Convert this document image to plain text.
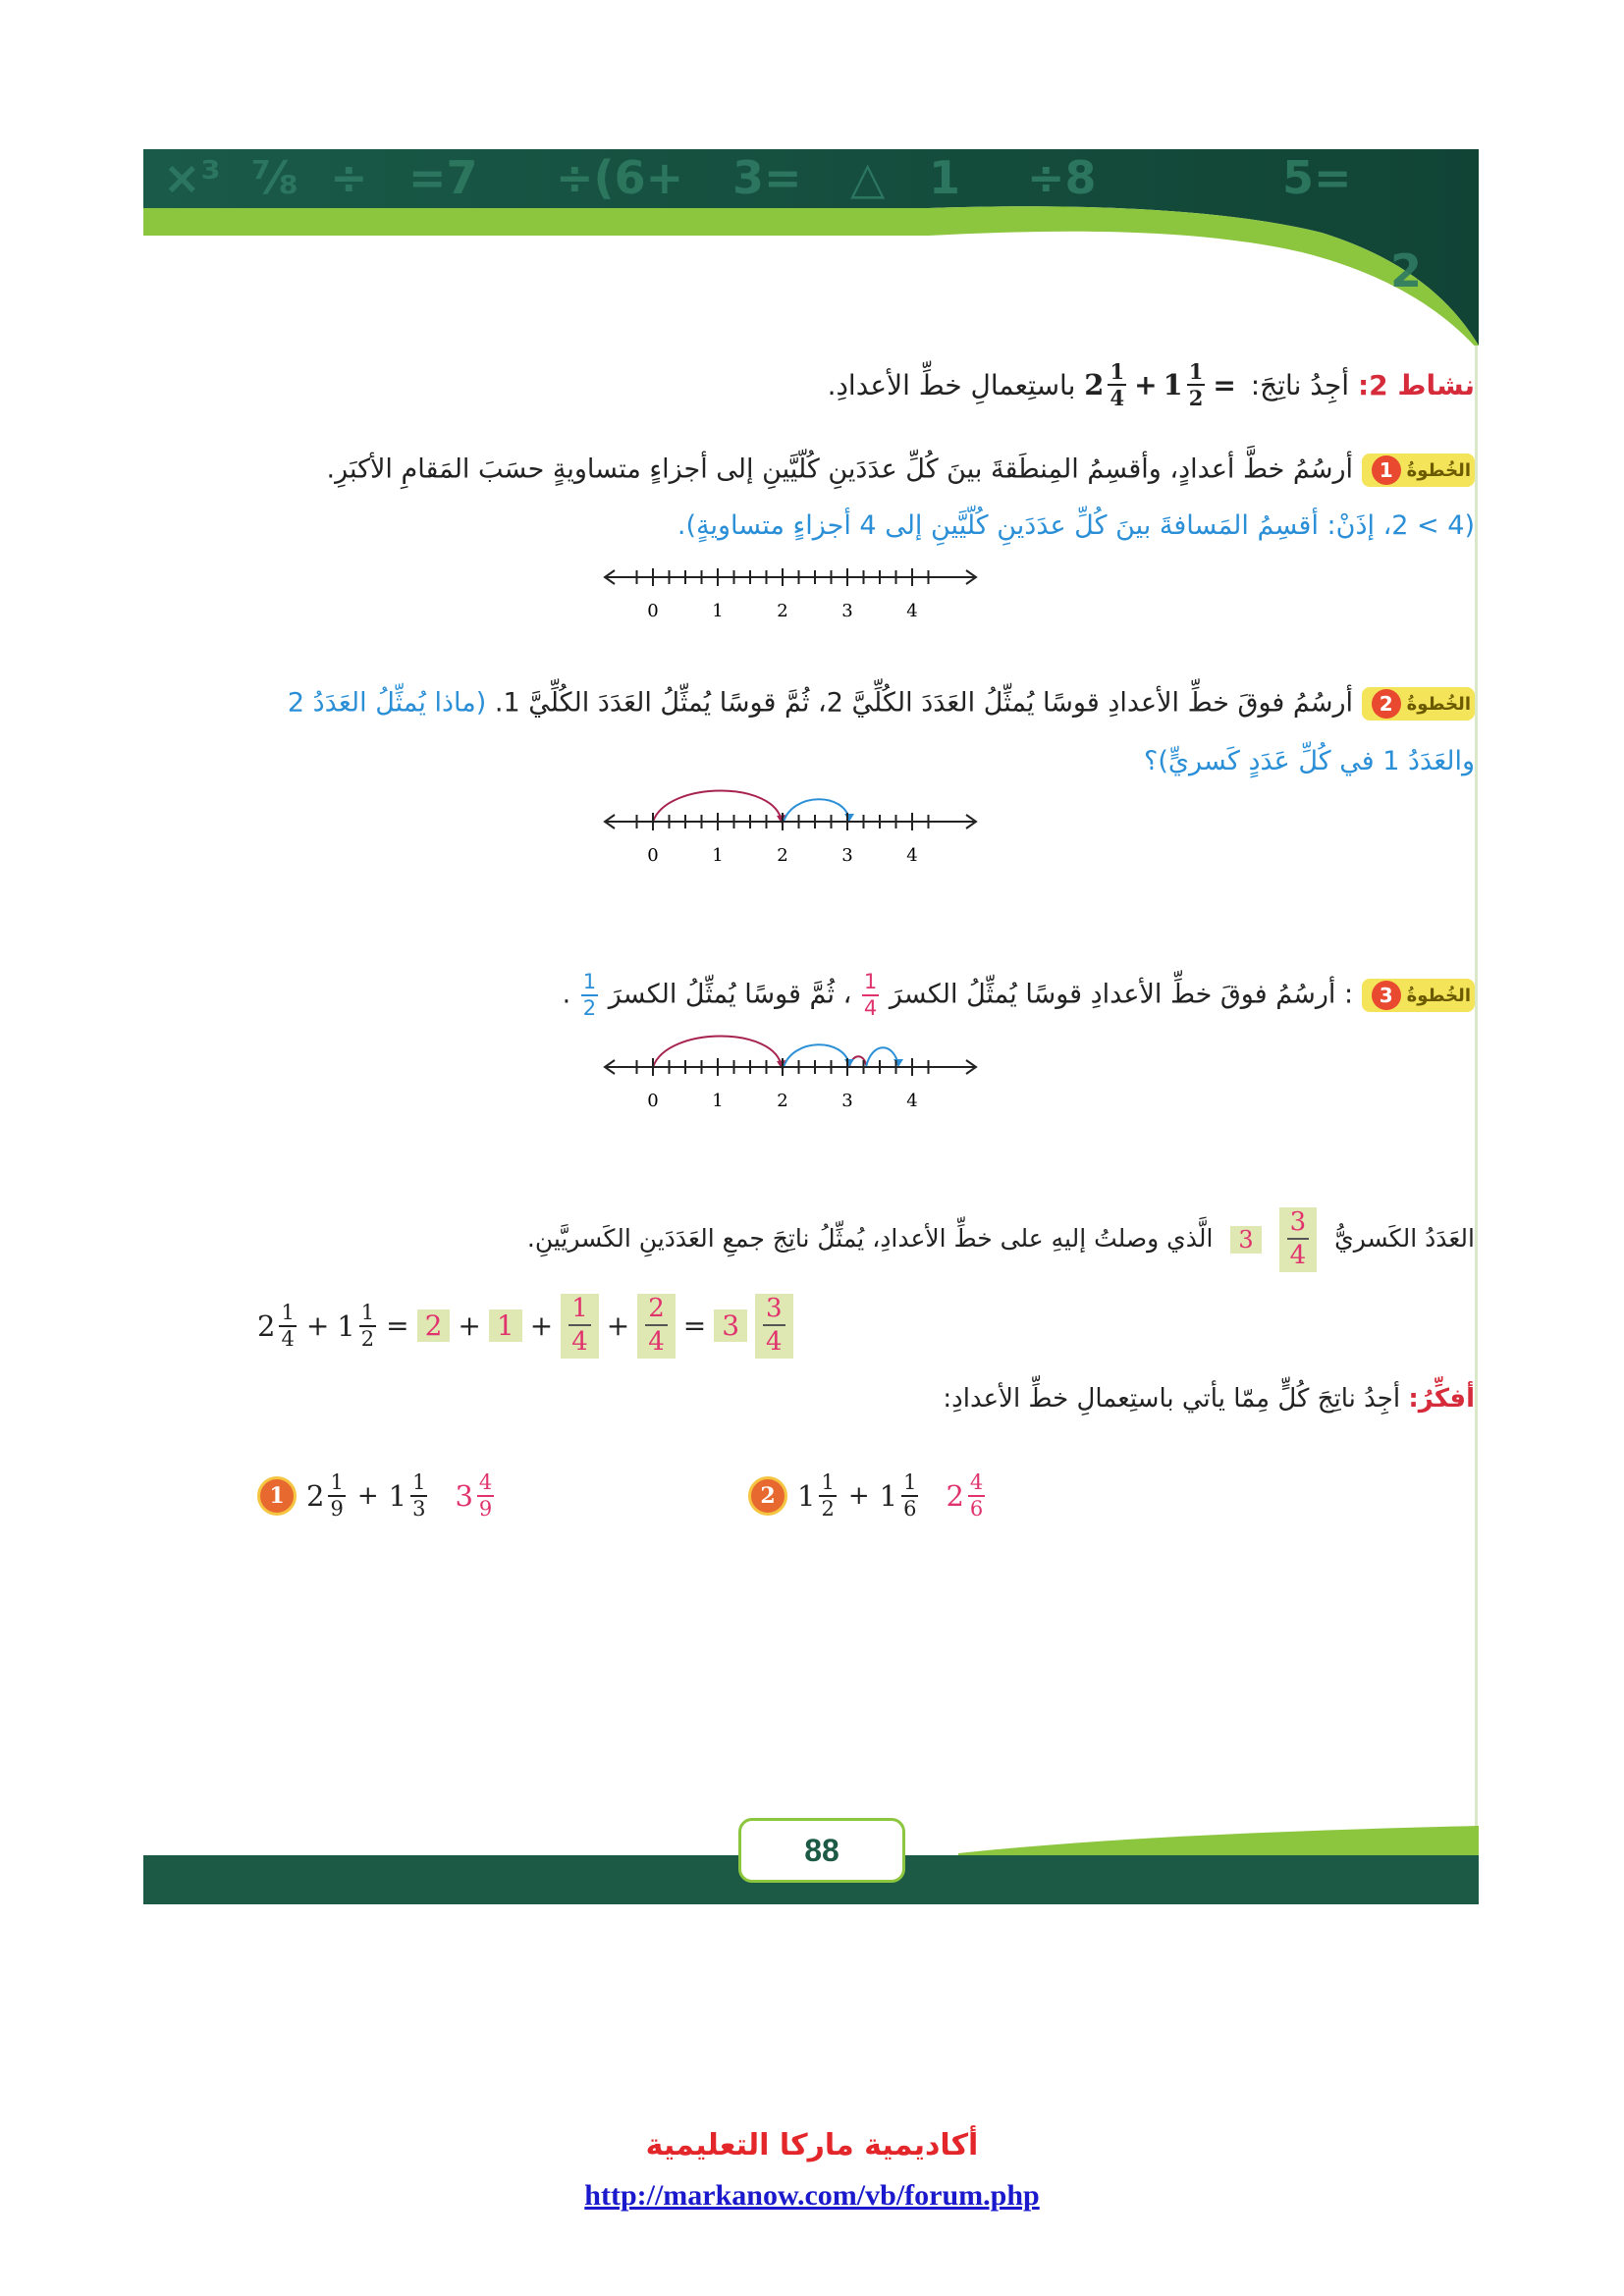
×³ ⅞ ÷ =7 ÷(6+ 3= △ 1 ÷8	5=
2
نشاط 2: أجِدُ ناتِجَ:
$2 \frac{1}{4} + 1 \frac{1}{2}$ =
باستِعمالِ خطِّ الأعدادِ.
الخُطوةُ
1
أرسُمُ خطَّ أعدادٍ، وأقسِمُ المِنطَقةَ بينَ كُلِّ عدَدَينِ كُلّيَّينِ إلى أجزاءٍ متساويةٍ حسَبَ المَقامِ الأكبَرِ.
(4 > 2، إذَنْ: أقسِمُ المَسافةَ بينَ كُلِّ عدَدَينِ كُلّيَّينِ إلى 4 أجزاءٍ متساويةٍ).
0	1	2	3	4
الخُطوةُ
2
أرسُمُ فوقَ خطِّ الأعدادِ قوسًا يُمثِّلُ العَدَدَ الكُلِّيَّ 2، ثُمَّ قوسًا يُمثِّلُ العَدَدَ الكُلِّيَّ 1. (ماذا يُمثِّلُ العَدَدُ 2
والعَدَدُ 1 في كُلِّ عَدَدٍ كَسريٍّ)؟
0	1	2	3	4
الخُطوةُ
3
: أرسُمُ فوقَ خطِّ الأعدادِ قوسًا يُمثِّلُ الكسرَ
$\frac{1}{4}$
، ثُمَّ قوسًا يُمثِّلُ الكسرَ
$\frac{1}{2}$
.
0	1	2	3	4
العَدَدُ الكَسريُّ $3 \frac{3}{4}$
الَّذي وصلتُ إليهِ على خطِّ الأعدادِ، يُمثِّلُ ناتِجَ جمعِ العَدَدَينِ الكَسريَّينِ.
$2 \frac{1}{4} + 1 \frac{1}{2} = 2 + 1 + \frac{1}{4} + \frac{2}{4} = 3$
3
4
أفكِّرُ: أجِدُ ناتِجَ كُلٍّ مِمّا يأتي باستِعمالِ خطِّ الأعدادِ:
1 $2 \frac{1}{9} + 1 \frac{1}{3} 3 \frac{4}{9}$	2 $1 \frac{1}{2} + 1 \frac{1}{6} 2 \frac{4}{6}$
88
أكاديمية ماركا التعليمية
http://markanow.com/vb/forum.php
